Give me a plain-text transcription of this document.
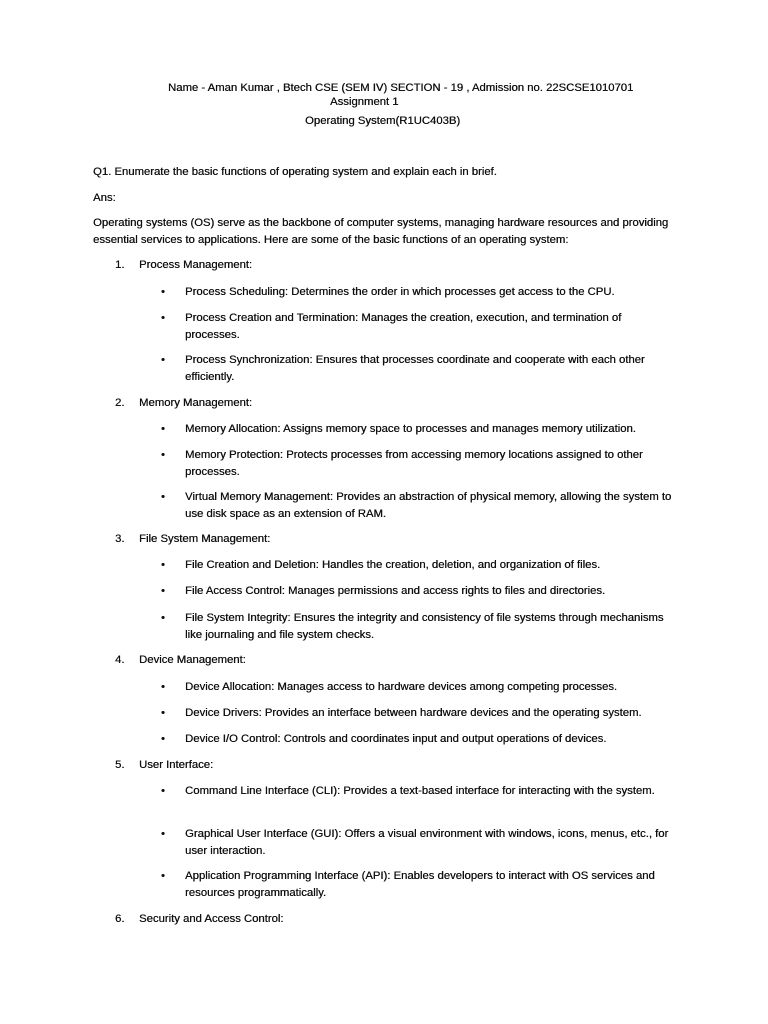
Name - Aman Kumar , Btech CSE (SEM IV) SECTION - 19 , Admission no. 22SCSE1010701
Assignment 1
Operating System(R1UC403B)
Q1. Enumerate the basic functions of operating system and explain each in brief.
Ans:
Operating systems (OS) serve as the backbone of computer systems, managing hardware resources and providing essential services to applications. Here are some of the basic functions of an operating system:
1. Process Management:
• Process Scheduling: Determines the order in which processes get access to the CPU.
• Process Creation and Termination: Manages the creation, execution, and termination of processes.
• Process Synchronization: Ensures that processes coordinate and cooperate with each other efficiently.
2. Memory Management:
• Memory Allocation: Assigns memory space to processes and manages memory utilization.
• Memory Protection: Protects processes from accessing memory locations assigned to other processes.
• Virtual Memory Management: Provides an abstraction of physical memory, allowing the system to use disk space as an extension of RAM.
3. File System Management:
• File Creation and Deletion: Handles the creation, deletion, and organization of files.
• File Access Control: Manages permissions and access rights to files and directories.
• File System Integrity: Ensures the integrity and consistency of file systems through mechanisms like journaling and file system checks.
4. Device Management:
• Device Allocation: Manages access to hardware devices among competing processes.
• Device Drivers: Provides an interface between hardware devices and the operating system.
• Device I/O Control: Controls and coordinates input and output operations of devices.
5. User Interface:
• Command Line Interface (CLI): Provides a text-based interface for interacting with the system.
• Graphical User Interface (GUI): Offers a visual environment with windows, icons, menus, etc., for user interaction.
• Application Programming Interface (API): Enables developers to interact with OS services and resources programmatically.
6. Security and Access Control:
